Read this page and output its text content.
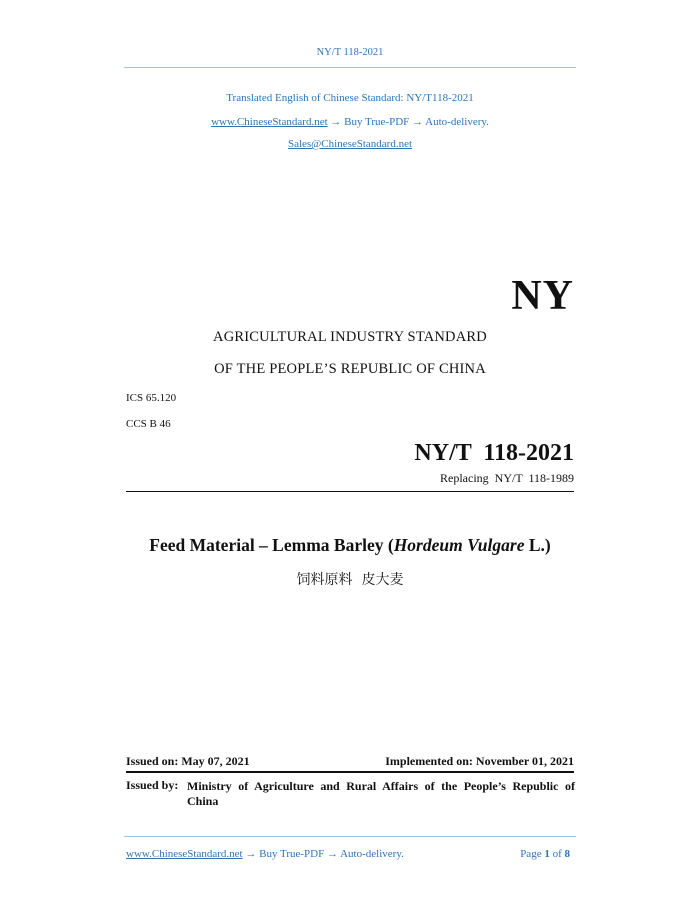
NY/T 118-2021
Translated English of Chinese Standard: NY/T118-2021
www.ChineseStandard.net → Buy True-PDF → Auto-delivery.
Sales@ChineseStandard.net
NY
AGRICULTURAL INDUSTRY STANDARD
OF THE PEOPLE’S REPUBLIC OF CHINA
ICS 65.120
CCS B 46
NY/T  118-2021
Replacing  NY/T  118-1989
Feed Material – Lemma Barley (Hordeum Vulgare L.)
饲料原料  皮大麦
Issued on: May 07, 2021	Implemented on: November 01, 2021
Issued by: Ministry of Agriculture and Rural Affairs of the People’s Republic of
China
www.ChineseStandard.net → Buy True-PDF → Auto-delivery.	Page 1 of 8
